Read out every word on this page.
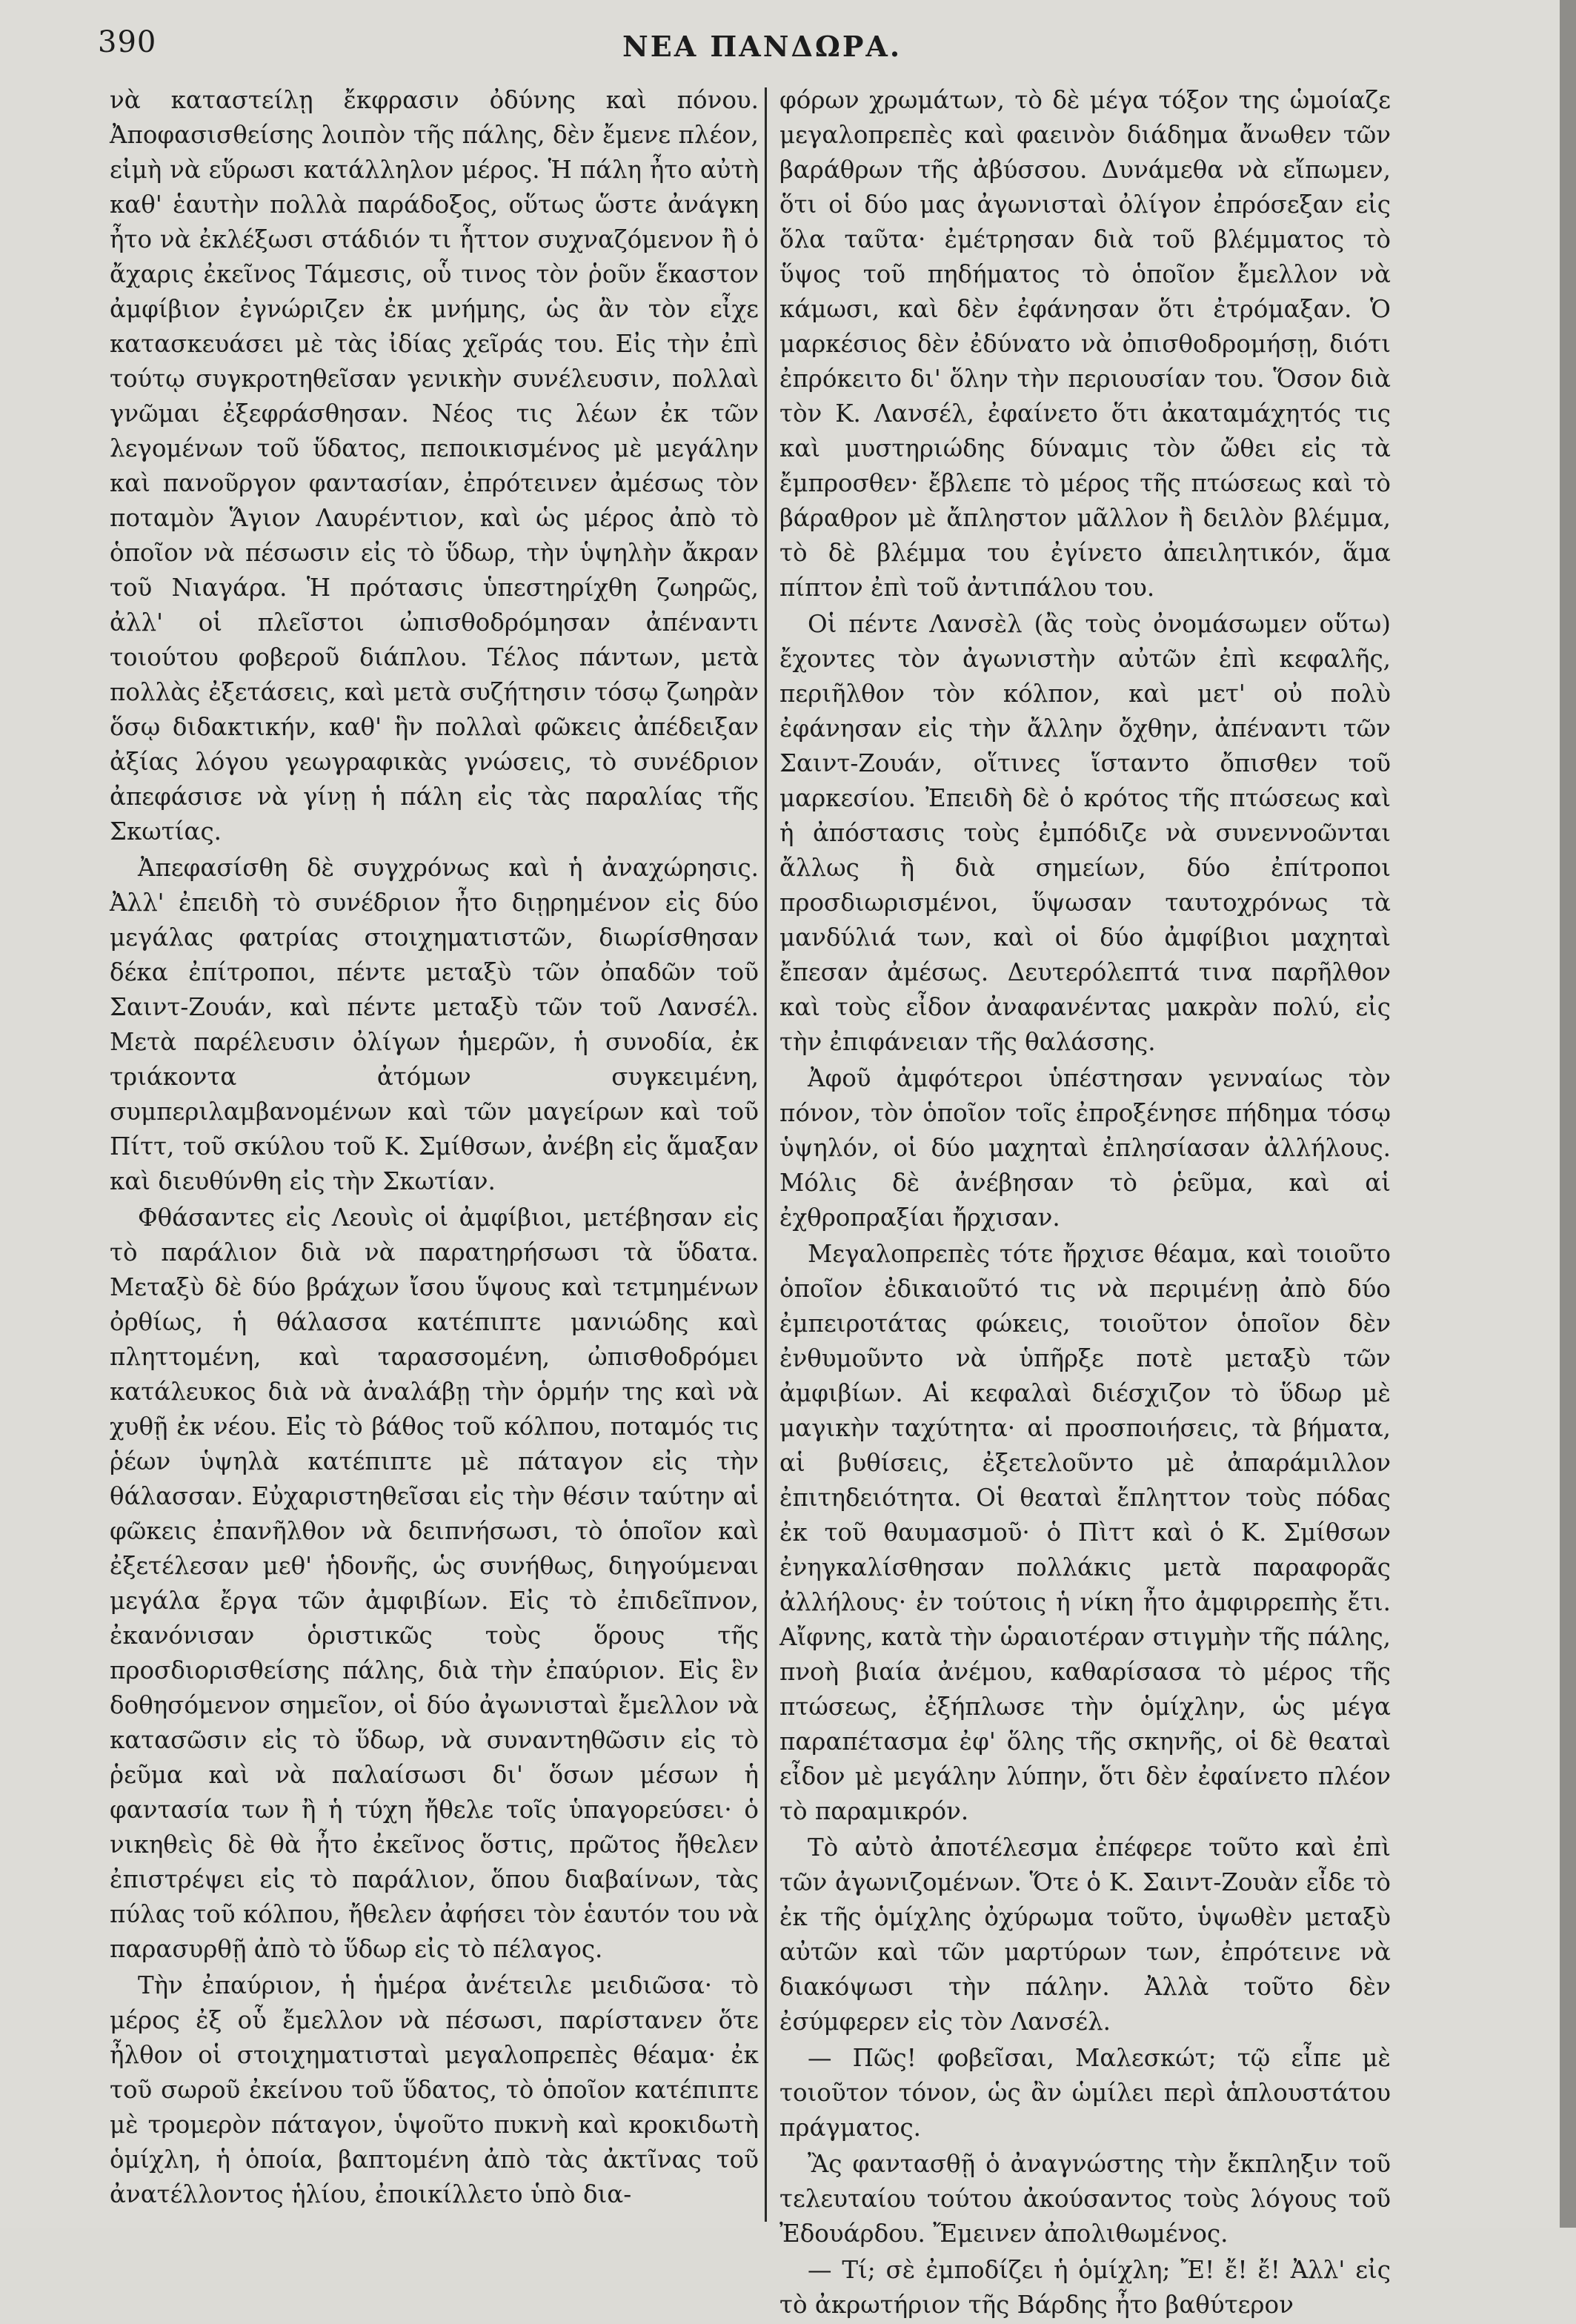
390	ΝΕΑ ΠΑΝΔΩΡΑ.

νὰ καταστείλῃ ἔκφρασιν ὀδύνης καὶ πόνου. Ἀποφασισθείσης λοιπὸν τῆς πάλης, δὲν ἔμενε πλέον, εἰμὴ νὰ εὕρωσι κατάλληλον μέρος. Ἡ πάλη ἦτο αὐτὴ καθ' ἑαυτὴν πολλὰ παράδοξος, οὕτως ὥστε ἀνάγκη ἦτο νὰ ἐκλέξωσι στάδιόν τι ἧττον συχναζόμενον ἢ ὁ ἄχαρις ἐκεῖνος Τάμεσις, οὗ τινος τὸν ῥοῦν ἕκαστον ἀμφίβιον ἐγνώριζεν ἐκ μνήμης, ὡς ἂν τὸν εἶχε κατασκευάσει μὲ τὰς ἰδίας χεῖράς του. Εἰς τὴν ἐπὶ τούτῳ συγκροτηθεῖσαν γενικὴν συνέλευσιν, πολλαὶ γνῶμαι ἐξεφράσθησαν. Νέος τις λέων ἐκ τῶν λεγομένων τοῦ ὕδατος, πεποικισμένος μὲ μεγάλην καὶ πανοῦργον φαντασίαν, ἐπρότεινεν ἀμέσως τὸν ποταμὸν Ἅγιον Λαυρέντιον, καὶ ὡς μέρος ἀπὸ τὸ ὁποῖον νὰ πέσωσιν εἰς τὸ ὕδωρ, τὴν ὑψηλὴν ἄκραν τοῦ Νιαγάρα. Ἡ πρότασις ὑπεστηρίχθη ζωηρῶς, ἀλλ' οἱ πλεῖστοι ὠπισθοδρόμησαν ἀπέναντι τοιούτου φοβεροῦ διάπλου. Τέλος πάντων, μετὰ πολλὰς ἐξετάσεις, καὶ μετὰ συζήτησιν τόσῳ ζωηρὰν ὅσῳ διδακτικήν, καθ' ἣν πολλαὶ φῶκεις ἀπέδειξαν ἀξίας λόγου γεωγραφικὰς γνώσεις, τὸ συνέδριον ἀπεφάσισε νὰ γίνῃ ἡ πάλη εἰς τὰς παραλίας τῆς Σκωτίας.

Ἀπεφασίσθη δὲ συγχρόνως καὶ ἡ ἀναχώρησις. Ἀλλ' ἐπειδὴ τὸ συνέδριον ἦτο διῃρημένον εἰς δύο μεγάλας φατρίας στοιχηματιστῶν, διωρίσθησαν δέκα ἐπίτροποι, πέντε μεταξὺ τῶν ὀπαδῶν τοῦ Σαιντ-Ζουάν, καὶ πέντε μεταξὺ τῶν τοῦ Λανσέλ. Μετὰ παρέλευσιν ὀλίγων ἡμερῶν, ἡ συνοδία, ἐκ τριάκοντα ἀτόμων συγκειμένη, συμπεριλαμβανομένων καὶ τῶν μαγείρων καὶ τοῦ Πίττ, τοῦ σκύλου τοῦ Κ. Σμίθσων, ἀνέβη εἰς ἅμαξαν καὶ διευθύνθη εἰς τὴν Σκωτίαν.

Φθάσαντες εἰς Λεουὶς οἱ ἀμφίβιοι, μετέβησαν εἰς τὸ παράλιον διὰ νὰ παρατηρήσωσι τὰ ὕδατα. Μεταξὺ δὲ δύο βράχων ἴσου ὕψους καὶ τετμημένων ὀρθίως, ἡ θάλασσα κατέπιπτε μανιώδης καὶ πληττομένη, καὶ ταρασσομένη, ὠπισθοδρόμει κατάλευκος διὰ νὰ ἀναλάβῃ τὴν ὁρμήν της καὶ νὰ χυθῇ ἐκ νέου. Εἰς τὸ βάθος τοῦ κόλπου, ποταμός τις ῥέων ὑψηλὰ κατέπιπτε μὲ πάταγον εἰς τὴν θάλασσαν. Εὐχαριστηθεῖσαι εἰς τὴν θέσιν ταύτην αἱ φῶκεις ἐπανῆλθον νὰ δειπνήσωσι, τὸ ὁποῖον καὶ ἐξετέλεσαν μεθ' ἡδονῆς, ὡς συνήθως, διηγούμεναι μεγάλα ἔργα τῶν ἀμφιβίων. Εἰς τὸ ἐπιδεῖπνον, ἐκανόνισαν ὁριστικῶς τοὺς ὅρους τῆς προσδιορισθείσης πάλης, διὰ τὴν ἐπαύριον. Εἰς ἓν δοθησόμενον σημεῖον, οἱ δύο ἀγωνισταὶ ἔμελλον νὰ κατασῶσιν εἰς τὸ ὕδωρ, νὰ συναντηθῶσιν εἰς τὸ ῥεῦμα καὶ νὰ παλαίσωσι δι' ὅσων μέσων ἡ φαντασία των ἢ ἡ τύχη ἤθελε τοῖς ὑπαγορεύσει· ὁ νικηθεὶς δὲ θὰ ἦτο ἐκεῖνος ὅστις, πρῶτος ἤθελεν ἐπιστρέψει εἰς τὸ παράλιον, ὅπου διαβαίνων, τὰς πύλας τοῦ κόλπου, ἤθελεν ἀφήσει τὸν ἑαυτόν του νὰ παρασυρθῇ ἀπὸ τὸ ὕδωρ εἰς τὸ πέλαγος.

Τὴν ἐπαύριον, ἡ ἡμέρα ἀνέτειλε μειδιῶσα· τὸ μέρος ἐξ οὗ ἔμελλον νὰ πέσωσι, παρίστανεν ὅτε ἦλθον οἱ στοιχηματισταὶ μεγαλοπρεπὲς θέαμα· ἐκ τοῦ σωροῦ ἐκείνου τοῦ ὕδατος, τὸ ὁποῖον κατέπιπτε μὲ τρομερὸν πάταγον, ὑψοῦτο πυκνὴ καὶ κροκιδωτὴ ὁμίχλη, ἡ ὁποία, βαπτομένη ἀπὸ τὰς ἀκτῖνας τοῦ ἀνατέλλοντος ἡλίου, ἐποικίλλετο ὑπὸ δια-

φόρων χρωμάτων, τὸ δὲ μέγα τόξον της ὡμοίαζε μεγαλοπρεπὲς καὶ φαεινὸν διάδημα ἄνωθεν τῶν βαράθρων τῆς ἀβύσσου. Δυνάμεθα νὰ εἴπωμεν, ὅτι οἱ δύο μας ἀγωνισταὶ ὀλίγον ἐπρόσεξαν εἰς ὅλα ταῦτα· ἐμέτρησαν διὰ τοῦ βλέμματος τὸ ὕψος τοῦ πηδήματος τὸ ὁποῖον ἔμελλον νὰ κάμωσι, καὶ δὲν ἐφάνησαν ὅτι ἐτρόμαξαν. Ὁ μαρκέσιος δὲν ἐδύνατο νὰ ὀπισθοδρομήσῃ, διότι ἐπρόκειτο δι' ὅλην τὴν περιουσίαν του. Ὅσον διὰ τὸν Κ. Λανσέλ, ἐφαίνετο ὅτι ἀκαταμάχητός τις καὶ μυστηριώδης δύναμις τὸν ὤθει εἰς τὰ ἔμπροσθεν· ἔβλεπε τὸ μέρος τῆς πτώσεως καὶ τὸ βάραθρον μὲ ἄπληστον μᾶλλον ἢ δειλὸν βλέμμα, τὸ δὲ βλέμμα του ἐγίνετο ἀπειλητικόν, ἅμα πίπτον ἐπὶ τοῦ ἀντιπάλου του.

Οἱ πέντε Λανσὲλ (ἂς τοὺς ὀνομάσωμεν οὕτω) ἔχοντες τὸν ἀγωνιστὴν αὐτῶν ἐπὶ κεφαλῆς, περιῆλθον τὸν κόλπον, καὶ μετ' οὐ πολὺ ἐφάνησαν εἰς τὴν ἄλλην ὄχθην, ἀπέναντι τῶν Σαιντ-Ζουάν, οἵτινες ἵσταντο ὄπισθεν τοῦ μαρκεσίου. Ἐπειδὴ δὲ ὁ κρότος τῆς πτώσεως καὶ ἡ ἀπόστασις τοὺς ἐμπόδιζε νὰ συνεννοῶνται ἄλλως ἢ διὰ σημείων, δύο ἐπίτροποι προσδιωρισμένοι, ὕψωσαν ταυτοχρόνως τὰ μανδύλιά των, καὶ οἱ δύο ἀμφίβιοι μαχηταὶ ἔπεσαν ἀμέσως. Δευτερόλεπτά τινα παρῆλθον καὶ τοὺς εἶδον ἀναφανέντας μακρὰν πολύ, εἰς τὴν ἐπιφάνειαν τῆς θαλάσσης.

Ἀφοῦ ἀμφότεροι ὑπέστησαν γενναίως τὸν πόνον, τὸν ὁποῖον τοῖς ἐπροξένησε πήδημα τόσῳ ὑψηλόν, οἱ δύο μαχηταὶ ἐπλησίασαν ἀλλήλους. Μόλις δὲ ἀνέβησαν τὸ ῥεῦμα, καὶ αἱ ἐχθροπραξίαι ἤρχισαν.

Μεγαλοπρεπὲς τότε ἤρχισε θέαμα, καὶ τοιοῦτο ὁποῖον ἐδικαιοῦτό τις νὰ περιμένῃ ἀπὸ δύο ἐμπειροτάτας φώκεις, τοιοῦτον ὁποῖον δὲν ἐνθυμοῦντο νὰ ὑπῆρξε ποτὲ μεταξὺ τῶν ἀμφιβίων. Αἱ κεφαλαὶ διέσχιζον τὸ ὕδωρ μὲ μαγικὴν ταχύτητα· αἱ προσποιήσεις, τὰ βήματα, αἱ βυθίσεις, ἐξετελοῦντο μὲ ἀπαράμιλλον ἐπιτηδειότητα. Οἱ θεαταὶ ἔπληττον τοὺς πόδας ἐκ τοῦ θαυμασμοῦ· ὁ Πὶττ καὶ ὁ Κ. Σμίθσων ἐνηγκαλίσθησαν πολλάκις μετὰ παραφορᾶς ἀλλήλους· ἐν τούτοις ἡ νίκη ἦτο ἀμφιρρεπὴς ἔτι. Αἴφνης, κατὰ τὴν ὡραιοτέραν στιγμὴν τῆς πάλης, πνοὴ βιαία ἀνέμου, καθαρίσασα τὸ μέρος τῆς πτώσεως, ἐξήπλωσε τὴν ὁμίχλην, ὡς μέγα παραπέτασμα ἐφ' ὅλης τῆς σκηνῆς, οἱ δὲ θεαταὶ εἶδον μὲ μεγάλην λύπην, ὅτι δὲν ἐφαίνετο πλέον τὸ παραμικρόν.

Τὸ αὐτὸ ἀποτέλεσμα ἐπέφερε τοῦτο καὶ ἐπὶ τῶν ἀγωνιζομένων. Ὅτε ὁ Κ. Σαιντ-Ζουὰν εἶδε τὸ ἐκ τῆς ὁμίχλης ὀχύρωμα τοῦτο, ὑψωθὲν μεταξὺ αὐτῶν καὶ τῶν μαρτύρων των, ἐπρότεινε νὰ διακόψωσι τὴν πάλην. Ἀλλὰ τοῦτο δὲν ἐσύμφερεν εἰς τὸν Λανσέλ.

— Πῶς! φοβεῖσαι, Μαλεσκώτ; τῷ εἶπε μὲ τοιοῦτον τόνον, ὡς ἂν ὡμίλει περὶ ἁπλουστάτου πράγματος.

Ἂς φαντασθῇ ὁ ἀναγνώστης τὴν ἔκπληξιν τοῦ τελευταίου τούτου ἀκούσαντος τοὺς λόγους τοῦ Ἐδουάρδου. Ἔμεινεν ἀπολιθωμένος.

— Τί; σὲ ἐμποδίζει ἡ ὁμίχλη; Ἔ! ἔ! ἔ! Ἀλλ' εἰς τὸ ἀκρωτήριον τῆς Βάρδης ἦτο βαθύτερον
